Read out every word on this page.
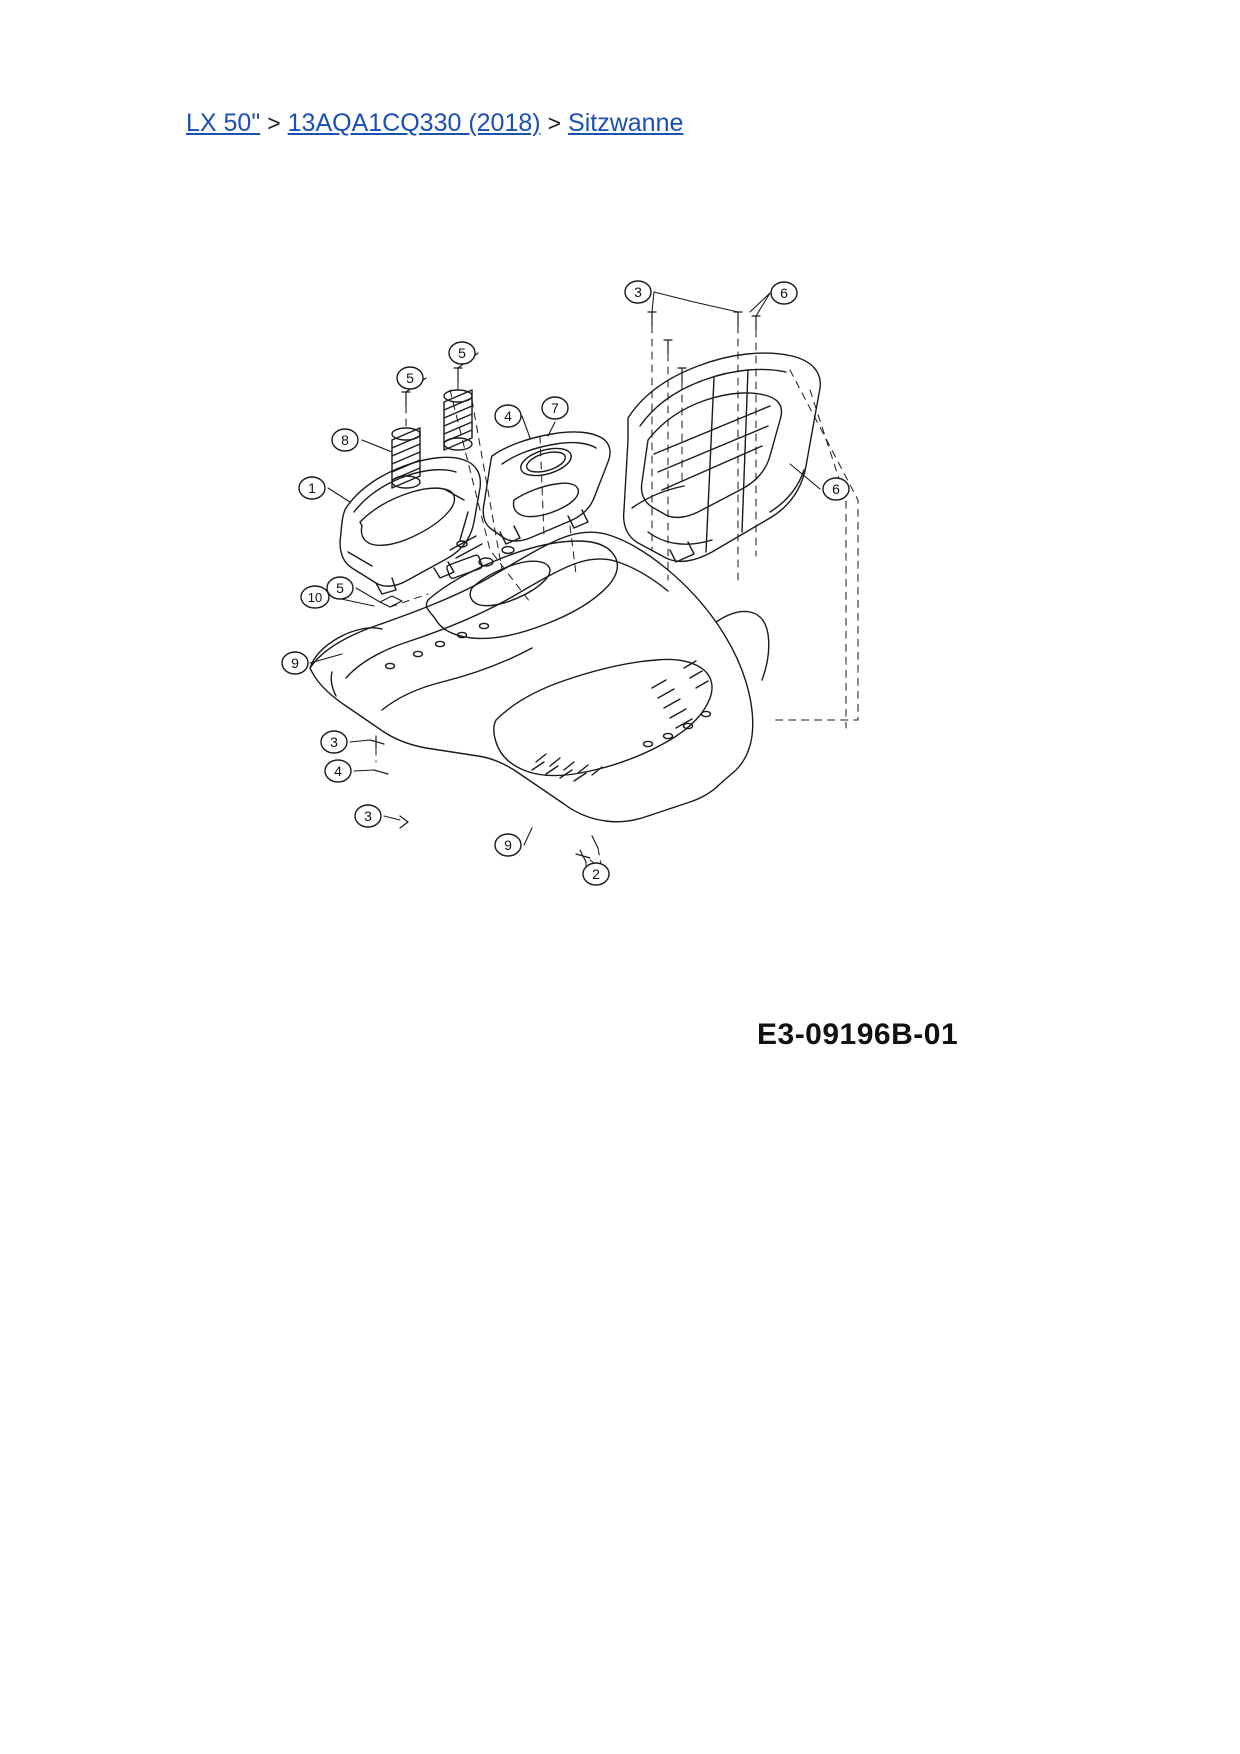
LX 50" > 13AQA1CQ330 (2018) > Sitzwanne
1
8
5
5
4	7
3	6
6
5
10
9
3
4
3
9
2
E3-09196B-01
